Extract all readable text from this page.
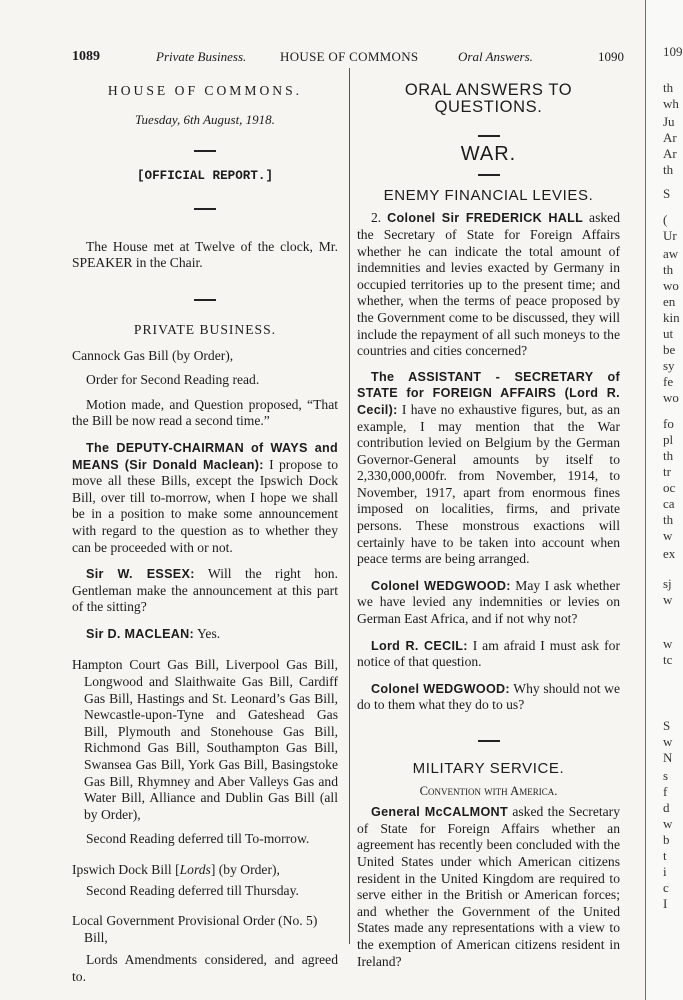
1089	Private Business.	HOUSE OF COMMONS	Oral Answers.	1090
HOUSE OF COMMONS.

Tuesday, 6th August, 1918.

[OFFICIAL REPORT.]

The House met at Twelve of the clock, Mr. SPEAKER in the Chair.

PRIVATE BUSINESS.

Cannock Gas Bill (by Order),

Order for Second Reading read.

Motion made, and Question proposed, “That the Bill be now read a second time.”

The DEPUTY-CHAIRMAN of WAYS and MEANS (Sir Donald Maclean): I propose to move all these Bills, except the Ipswich Dock Bill, over till to-morrow, when I hope we shall be in a position to make some announcement with regard to the question as to whether they can be proceeded with or not.

Sir W. ESSEX: Will the right hon. Gentleman make the announcement at this part of the sitting?

Sir D. MACLEAN: Yes.

Hampton Court Gas Bill, Liverpool Gas Bill, Longwood and Slaithwaite Gas Bill, Cardiff Gas Bill, Hastings and St. Leonard’s Gas Bill, Newcastle-upon-Tyne and Gateshead Gas Bill, Plymouth and Stonehouse Gas Bill, Richmond Gas Bill, Southampton Gas Bill, Swansea Gas Bill, York Gas Bill, Basingstoke Gas Bill, Rhymney and Aber Valleys Gas and Water Bill, Alliance and Dublin Gas Bill (all by Order),

Second Reading deferred till To-morrow.

Ipswich Dock Bill [Lords] (by Order),

Second Reading deferred till Thursday.

Local Government Provisional Order (No. 5) Bill,

Lords Amendments considered, and agreed to.

ORAL ANSWERS TO QUESTIONS.
WAR.
ENEMY FINANCIAL LEVIES.

2. Colonel Sir FREDERICK HALL asked the Secretary of State for Foreign Affairs whether he can indicate the total amount of indemnities and levies exacted by Germany in occupied territories up to the present time; and whether, when the terms of peace proposed by the Government come to be discussed, they will include the repayment of all such moneys to the countries and cities concerned?

The ASSISTANT - SECRETARY of STATE for FOREIGN AFFAIRS (Lord R. Cecil): I have no exhaustive figures, but, as an example, I may mention that the War contribution levied on Belgium by the German Governor-General amounts by itself to 2,330,000,000fr. from November, 1914, to November, 1917, apart from enormous fines imposed on localities, firms, and private persons. These monstrous exactions will certainly have to be taken into account when peace terms are being arranged.

Colonel WEDGWOOD: May I ask whether we have levied any indemnities or levies on German East Africa, and if not why not?

Lord R. CECIL: I am afraid I must ask for notice of that question.

Colonel WEDGWOOD: Why should not we do to them what they do to us?

MILITARY SERVICE.

Convention with America.

General McCALMONT asked the Secretary of State for Foreign Affairs whether an agreement has recently been concluded with the United States under which American citizens resident in the United Kingdom are required to serve either in the British or American forces; and whether the Government of the United States made any representations with a view to the exemption of American citizens resident in Ireland?

109
th
wh
Ju
Ar
Ar
th
S
(
Ur
aw
th
wo
en
kin
ut
be
sy
fe
wo
fo
pl
th
tr
oc
ca
th
w
ex
sj
w
w
tc
S
w
N
s
f
d
w
b
t
i
c
I
